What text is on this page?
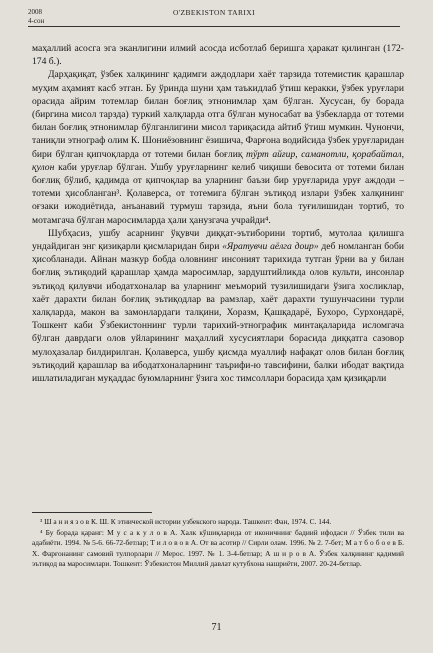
2008
4-сон
O'ZBEKISTON TARIXI

маҳаллий асосга эга эканлигини илмий асосда исботлаб беришга ҳаракат қилинган (172-174 б.).

Дарҳақиқат, ўзбек халқининг қадимги аждодлари хаёт тарзида тотемистик қарашлар муҳим аҳамият касб этган. Бу ўринда шуни ҳам таъкидлаб ўтиш керакки, ўзбек уруғлари орасида айрим тотемлар билан боғлиқ этнонимлар ҳам бўлган. Хусусан, бу борада (биргина мисол тарзда) туркий халқларда отга бўлган муносабат ва ўзбекларда от тотеми билан боғлиқ этнонимлар бўлганлигини мисол тариқасида айтиб ўтиш мумкин. Чунончи, таниқли этнограф олим К. Шониёзовнинг ёзишича, Фарғона водийсида ўзбек уруғларидан бири бўлган қипчоқларда от тотеми билан боғлиқ тўрт айғир, саманотли, қорабайтал, қулон каби уруғлар бўлган. Ушбу уруғларнинг келиб чиқиши бевосита от тотеми билан боғлиқ бўлиб, қадимда от қипчоқлар ва уларнинг баъзи бир уруғларида уруғ аждоди – тотеми ҳисобланган³. Қолаверса, от тотемига бўлган эътиқод излари ўзбек халқининг оғзаки ижодиётида, анъанавий турмуш тарзида, яъни бола туғилишидан тортиб, то мотамгача бўлган маросимларда ҳали ҳанузгача учрайди⁴.

Шубҳасиз, ушбу асарнинг ўқувчи диққат-эътиборини тортиб, мутолаа қилишга ундайдиган энг қизиқарли қисмларидан бири «Яратувчи аёлга доир» деб номланган боби ҳисобланади. Айнан мазкур бобда оловнинг инсоният тарихида тутган ўрни ва у билан боғлиқ эътиқодий қарашлар ҳамда маросимлар, зардуштийликда олов культи, инсонлар эътиқод қилувчи ибодатхоналар ва уларнинг меъморий тузилишидаги ўзига хосликлар, хаёт дарахти билан боғлиқ эътиқодлар ва рамзлар, хаёт дарахти тушунчасини турли халқларда, макон ва замонлардаги талқини, Хоразм, Қашқадарё, Бухоро, Сурхондарё, Тошкент каби Ўзбекистоннинг турли тарихий-этнографик минтақаларида исломгача бўлган даврдаги олов уйларининг маҳаллий хусусиятлари борасида диққатга сазовор мулоҳазалар билдирилган. Қолаверса, ушбу қисмда муаллиф нафақат олов билан боғлиқ эътиқодий қарашлар ва ибодатхоналарнинг таърифи-ю тавсифини, балки ибодат вақтида ишлатиладиган муқаддас буюмларнинг ўзига хос тимсоллари борасида ҳам қизиқарли

³ Ш а н и я з о в К. Ш. К этнической истории узбекского народа. Ташкент: Фан, 1974. С. 144.

⁴ Бу борада қаранг: М у с а к у л о в А. Халк кўшиқларида от иконичнинг бадиий ифодаси // Ўзбек тили ва адабиёти. 1994. № 5-6. 66-72-бетлар; Т и л о в о в А. От ва асотир // Сирли олам. 1996. № 2. 7-бет; М а т б о б о е в Б. Х. Фарғонанинг самовий тулпорлари // Мерос. 1997. № 1. 3-4-бетлар; А ш и р о в А. Ўзбек халқининг қадимий эътиқод ва маросимлари. Тошкент: Ўзбекистон Миллий давлат кутубхона нашриёти, 2007. 20-24-бетлар.

71
